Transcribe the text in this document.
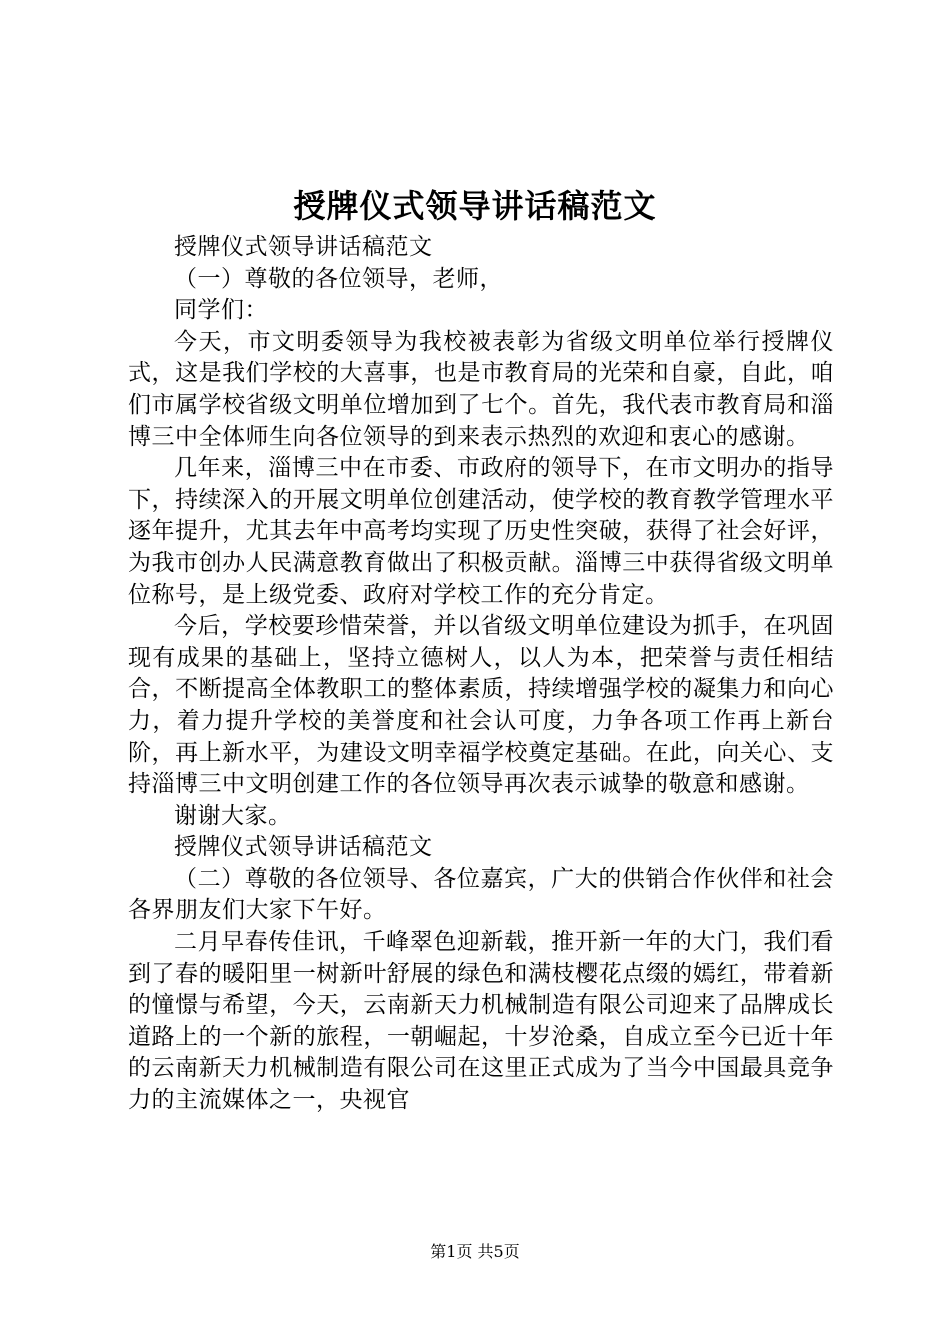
授牌仪式领导讲话稿范文

授牌仪式领导讲话稿范文

（一）尊敬的各位领导，老师，

同学们：

今天，市文明委领导为我校被表彰为省级文明单位举行授牌仪式，这是我们学校的大喜事，也是市教育局的光荣和自豪，自此，咱们市属学校省级文明单位增加到了七个。首先，我代表市教育局和淄博三中全体师生向各位领导的到来表示热烈的欢迎和衷心的感谢。

几年来，淄博三中在市委、市政府的领导下，在市文明办的指导下，持续深入的开展文明单位创建活动，使学校的教育教学管理水平逐年提升，尤其去年中高考均实现了历史性突破，获得了社会好评，为我市创办人民满意教育做出了积极贡献。淄博三中获得省级文明单位称号，是上级党委、政府对学校工作的充分肯定。

今后，学校要珍惜荣誉，并以省级文明单位建设为抓手，在巩固现有成果的基础上，坚持立德树人，以人为本，把荣誉与责任相结合，不断提高全体教职工的整体素质，持续增强学校的凝集力和向心力，着力提升学校的美誉度和社会认可度，力争各项工作再上新台阶，再上新水平，为建设文明幸福学校奠定基础。在此，向关心、支持淄博三中文明创建工作的各位领导再次表示诚挚的敬意和感谢。

谢谢大家。

授牌仪式领导讲话稿范文

（二）尊敬的各位领导、各位嘉宾，广大的供销合作伙伴和社会各界朋友们大家下午好。

二月早春传佳讯，千峰翠色迎新载，推开新一年的大门，我们看到了春的暖阳里一树新叶舒展的绿色和满枝樱花点缀的嫣红，带着新的憧憬与希望，今天，云南新天力机械制造有限公司迎来了品牌成长道路上的一个新的旅程，一朝崛起，十岁沧桑，自成立至今已近十年的云南新天力机械制造有限公司在这里正式成为了当今中国最具竞争力的主流媒体之一，央视官

第1页 共5页
